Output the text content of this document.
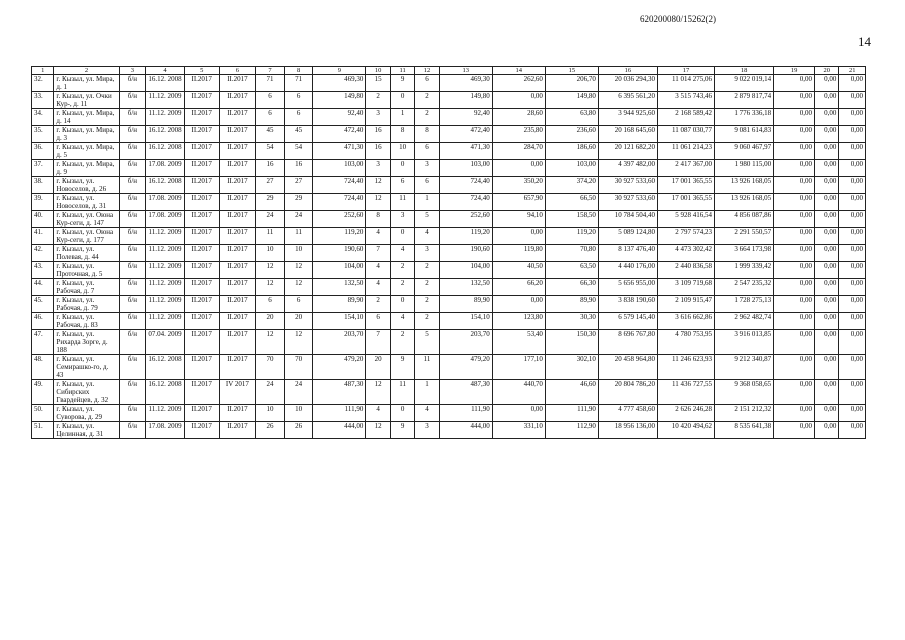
620200080/15262(2)
14
1	2	3	4	5	6	7	8	9	10	11	12	13	14	15	16	17	18	19	20	21
32.	г. Кызыл, ул. Мира, д. 1	б/н	16.12. 2008	II.2017	II.2017	71	71	469,30	15	9	6	469,30	262,60	206,70	20 036 294,30	11 014 275,06	9 022 019,14	0,00	0,00	0,00
33.	г. Кызыл, ул. Очки Кур-, д. 11	б/н	11.12. 2009	II.2017	II.2017	6	6	149,80	2	0	2	149,80	0,00	149,80	6 395 561,20	3 515 743,46	2 879 817,74	0,00	0,00	0,00
34.	г. Кызыл, ул. Мира, д. 14	б/н	11.12. 2009	II.2017	II.2017	6	6	92,40	3	1	2	92,40	28,60	63,80	3 944 925,60	2 168 589,42	1 776 336,18	0,00	0,00	0,00
35.	г. Кызыл, ул. Мира, д. 3	б/н	16.12. 2008	II.2017	II.2017	45	45	472,40	16	8	8	472,40	235,80	236,60	20 168 645,60	11 087 030,77	9 081 614,83	0,00	0,00	0,00
36.	г. Кызыл, ул. Мира, д. 5	б/н	16.12. 2008	II.2017	II.2017	54	54	471,30	16	10	6	471,30	284,70	186,60	20 121 682,20	11 061 214,23	9 060 467,97	0,00	0,00	0,00
37.	г. Кызыл, ул. Мира, д. 9	б/н	17.08. 2009	II.2017	II.2017	16	16	103,00	3	0	3	103,00	0,00	103,00	4 397 482,00	2 417 367,00	1 980 115,00	0,00	0,00	0,00
38.	г. Кызыл, ул. Новоселов, д. 26	б/н	16.12. 2008	II.2017	II.2017	27	27	724,40	12	6	6	724,40	350,20	374,20	30 927 533,60	17 001 365,55	13 926 168,05	0,00	0,00	0,00
39.	г. Кызыл, ул. Новоселов, д. 31	б/н	17.08. 2009	II.2017	II.2017	29	29	724,40	12	11	1	724,40	657,90	66,50	30 927 533,60	17 001 365,55	13 926 168,05	0,00	0,00	0,00
40.	г. Кызыл, ул. Оюна Кур-сеги, д. 147	б/н	17.08. 2009	II.2017	II.2017	24	24	252,60	8	3	5	252,60	94,10	158,50	10 784 504,40	5 928 416,54	4 856 087,86	0,00	0,00	0,00
41.	г. Кызыл, ул. Оюна Кур-сеги, д. 177	б/н	11.12. 2009	II.2017	II.2017	11	11	119,20	4	0	4	119,20	0,00	119,20	5 089 124,80	2 797 574,23	2 291 550,57	0,00	0,00	0,00
42.	г. Кызыл, ул. Полевая, д. 44	б/н	11.12. 2009	II.2017	II.2017	10	10	190,60	7	4	3	190,60	119,80	70,80	8 137 476,40	4 473 302,42	3 664 173,98	0,00	0,00	0,00
43.	г. Кызыл, ул. Проточная, д. 5	б/н	11.12. 2009	II.2017	II.2017	12	12	104,00	4	2	2	104,00	40,50	63,50	4 440 176,00	2 440 836,58	1 999 339,42	0,00	0,00	0,00
44.	г. Кызыл, ул. Рабочая, д. 7	б/н	11.12. 2009	II.2017	II.2017	12	12	132,50	4	2	2	132,50	66,20	66,30	5 656 955,00	3 109 719,68	2 547 235,32	0,00	0,00	0,00
45.	г. Кызыл, ул. Рабочая, д. 79	б/н	11.12. 2009	II.2017	II.2017	6	6	89,90	2	0	2	89,90	0,00	89,90	3 838 190,60	2 109 915,47	1 728 275,13	0,00	0,00	0,00
46.	г. Кызыл, ул. Рабочая, д. 83	б/н	11.12. 2009	II.2017	II.2017	20	20	154,10	6	4	2	154,10	123,80	30,30	6 579 145,40	3 616 662,86	2 962 482,74	0,00	0,00	0,00
47.	г. Кызыл, ул. Рихарда Зорге, д. 188	б/н	07.04. 2009	II.2017	II.2017	12	12	203,70	7	2	5	203,70	53,40	150,30	8 696 767,80	4 780 753,95	3 916 013,85	0,00	0,00	0,00
48.	г. Кызыл, ул. Семирашко-го, д. 43	б/н	16.12. 2008	II.2017	II.2017	70	70	479,20	20	9	11	479,20	177,10	302,10	20 458 964,80	11 246 623,93	9 212 340,87	0,00	0,00	0,00
49.	г. Кызыл, ул. Сибирских Гвардейцев, д. 32	б/н	16.12. 2008	II.2017	IV 2017	24	24	487,30	12	11	1	487,30	440,70	46,60	20 804 786,20	11 436 727,55	9 368 058,65	0,00	0,00	0,00
50.	г. Кызыл, ул. Суворова, д. 29	б/н	11.12. 2009	II.2017	II.2017	10	10	111,90	4	0	4	111,90	0,00	111,90	4 777 458,60	2 626 246,28	2 151 212,32	0,00	0,00	0,00
51.	г. Кызыл, ул. Целинная, д. 31	б/н	17.08. 2009	II.2017	II.2017	26	26	444,00	12	9	3	444,00	331,10	112,90	18 956 136,00	10 420 494,62	8 535 641,38	0,00	0,00	0,00
